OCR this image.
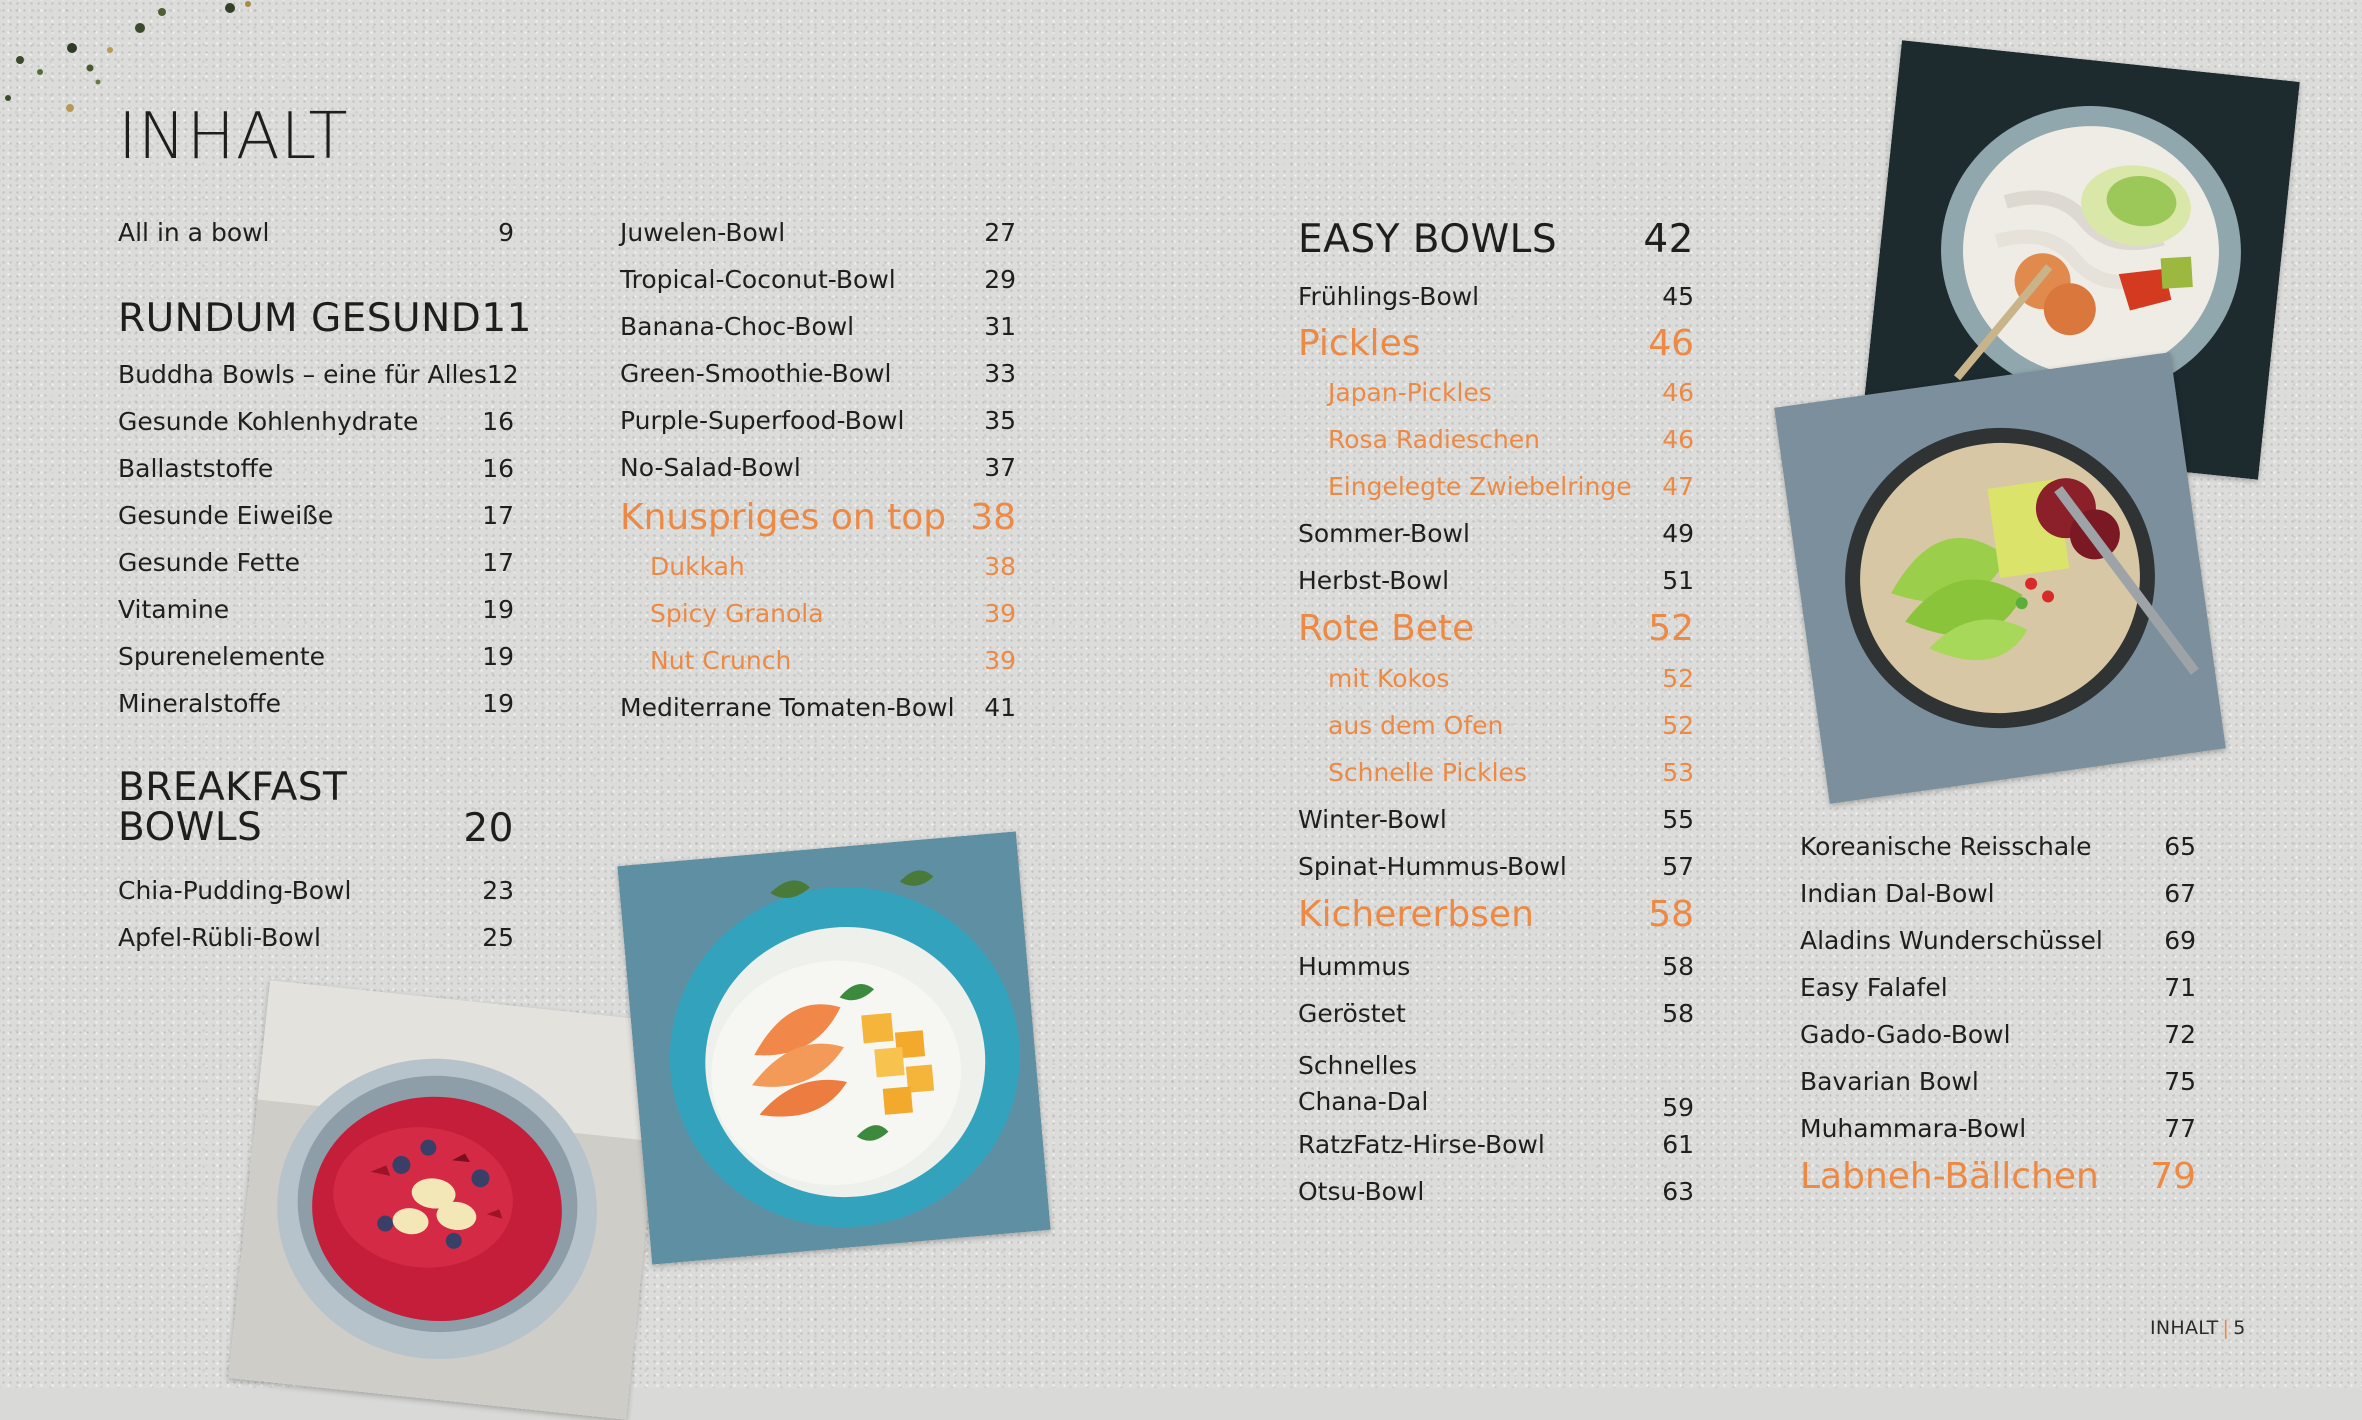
INHALT
All in a bowl	9
RUNDUM GESUND 11
Buddha Bowls – eine für Alles 12
Gesunde Kohlenhydrate	16
Ballaststoffe	16
Gesunde Eiweiße	17
Gesunde Fette	17
Vitamine	19
Spurenelemente	19
Mineralstoffe	19
BREAKFAST
BOWLS	20
Chia-Pudding-Bowl	23
Apfel-Rübli-Bowl	25
Juwelen-Bowl	27
Tropical-Coconut-Bowl	29
Banana-Choc-Bowl	31
Green-Smoothie-Bowl	33
Purple-Superfood-Bowl	35
No-Salad-Bowl	37
Knuspriges on top 38
Dukkah	38
Spicy Granola	39
Nut Crunch	39
Mediterrane Tomaten-Bowl 41
EASY BOWLS 42
Frühlings-Bowl	45
Pickles	46
Japan-Pickles	46
Rosa Radieschen	46
Eingelegte Zwiebelringe 47
Sommer-Bowl	49
Herbst-Bowl	51
Rote Bete	52
mit Kokos	52
aus dem Ofen	52
Schnelle Pickles	53
Winter-Bowl	55
Spinat-Hummus-Bowl	57
Kichererbsen	58
Hummus	58
Geröstet	58
Schnelles
Chana-Dal	59
RatzFatz-Hirse-Bowl	61
Otsu-Bowl	63
Koreanische Reisschale	65
Indian Dal-Bowl	67
Aladins Wunderschüssel 69
Easy Falafel	71
Gado-Gado-Bowl	72
Bavarian Bowl	75
Muhammara-Bowl	77
Labneh-Bällchen 79
INHALT | 5
